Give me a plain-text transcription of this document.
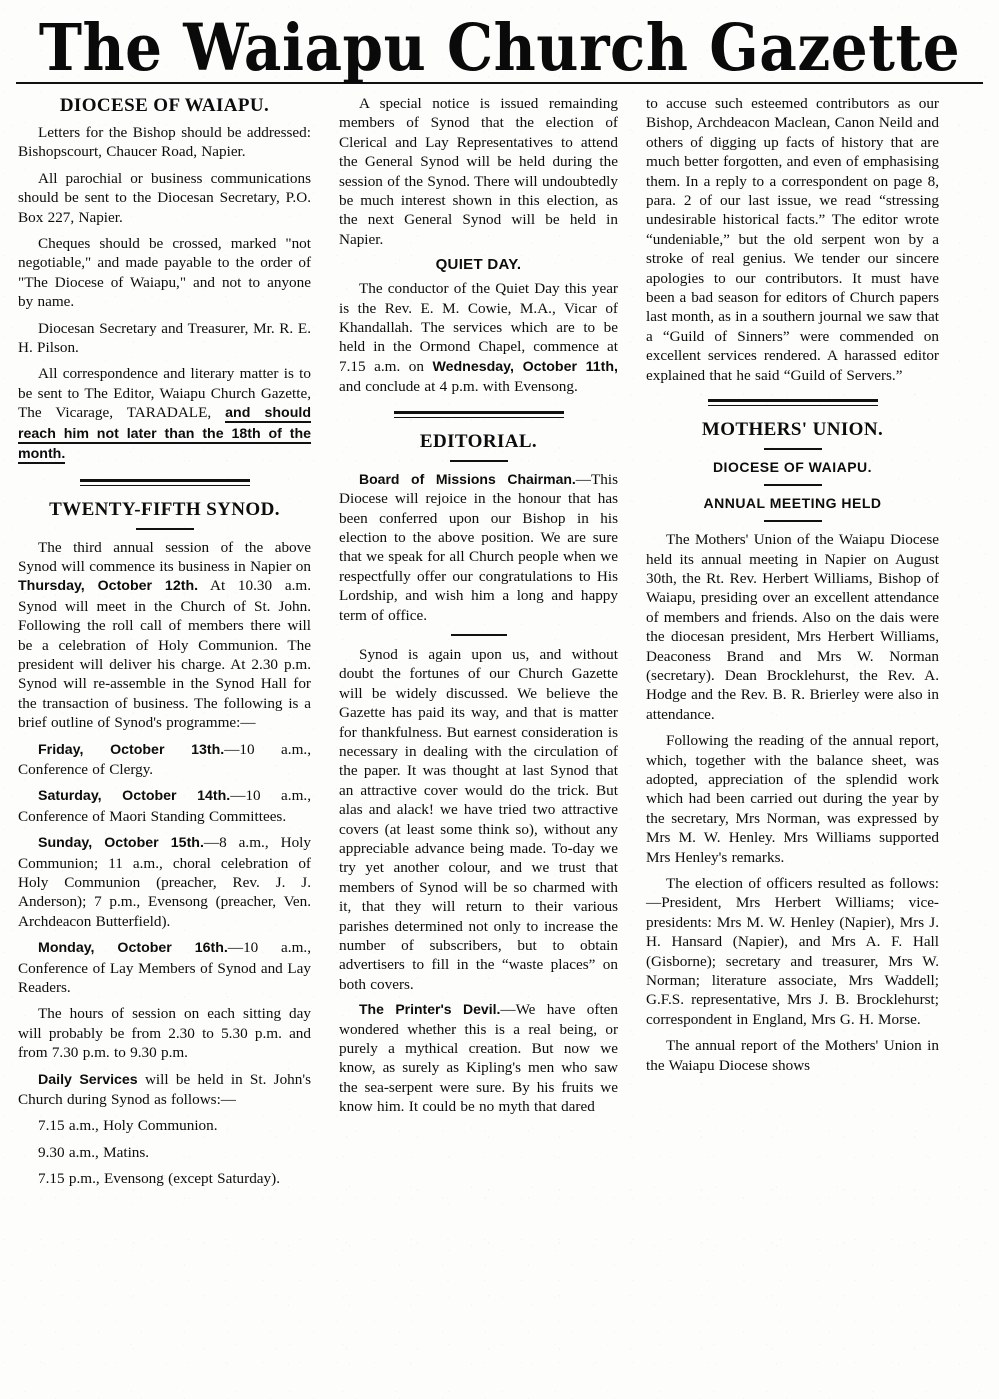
The Waiapu Church Gazette
DIOCESE OF WAIAPU.

Letters for the Bishop should be addressed: Bishopscourt, Chaucer Road, Napier.

All parochial or business communications should be sent to the Diocesan Secretary, P.O. Box 227, Napier.

Cheques should be crossed, marked "not negotiable," and made payable to the order of "The Diocese of Waiapu," and not to anyone by name.

Diocesan Secretary and Treasurer, Mr. R. E. H. Pilson.

All correspondence and literary matter is to be sent to The Editor, Waiapu Church Gazette, The Vicarage, TARADALE, and should reach him not later than the 18th of the month.

TWENTY-FIFTH SYNOD.

The third annual session of the above Synod will commence its business in Napier on Thursday, October 12th. At 10.30 a.m. Synod will meet in the Church of St. John. Following the roll call of members there will be a celebration of Holy Communion. The president will deliver his charge. At 2.30 p.m. Synod will re-assemble in the Synod Hall for the transaction of business. The following is a brief outline of Synod's programme:—

Friday, October 13th.—10 a.m., Conference of Clergy.

Saturday, October 14th.—10 a.m., Conference of Maori Standing Committees.

Sunday, October 15th.—8 a.m., Holy Communion; 11 a.m., choral celebration of Holy Communion (preacher, Rev. J. J. Anderson); 7 p.m., Evensong (preacher, Ven. Archdeacon Butterfield).

Monday, October 16th.—10 a.m., Conference of Lay Members of Synod and Lay Readers.

The hours of session on each sitting day will probably be from 2.30 to 5.30 p.m. and from 7.30 p.m. to 9.30 p.m.

Daily Services will be held in St. John's Church during Synod as follows:—

7.15 a.m., Holy Communion.

9.30 a.m., Matins.

7.15 p.m., Evensong (except Saturday).

A special notice is issued remainding members of Synod that the election of Clerical and Lay Representatives to attend the General Synod will be held during the session of the Synod. There will undoubtedly be much interest shown in this election, as the next General Synod will be held in Napier.

QUIET DAY.

The conductor of the Quiet Day this year is the Rev. E. M. Cowie, M.A., Vicar of Khandallah. The services which are to be held in the Ormond Chapel, commence at 7.15 a.m. on Wednesday, October 11th, and conclude at 4 p.m. with Evensong.

EDITORIAL.

Board of Missions Chairman.—This Diocese will rejoice in the honour that has been conferred upon our Bishop in his election to the above position. We are sure that we speak for all Church people when we respectfully offer our congratulations to His Lordship, and wish him a long and happy term of office.

Synod is again upon us, and without doubt the fortunes of our Church Gazette will be widely discussed. We believe the Gazette has paid its way, and that is matter for thankfulness. But earnest consideration is necessary in dealing with the circulation of the paper. It was thought at last Synod that an attractive cover would do the trick. But alas and alack! we have tried two attractive covers (at least some think so), without any appreciable advance being made. To-day we try yet another colour, and we trust that members of Synod will be so charmed with it, that they will return to their various parishes determined not only to increase the number of subscribers, but to obtain advertisers to fill in the “waste places” on both covers.

The Printer's Devil.—We have often wondered whether this is a real being, or purely a mythical creation. But now we know, as surely as Kipling's men who saw the sea-serpent were sure. By his fruits we know him. It could be no myth that dared

to accuse such esteemed contributors as our Bishop, Archdeacon Maclean, Canon Neild and others of digging up facts of history that are much better forgotten, and even of emphasising them. In a reply to a correspondent on page 8, para. 2 of our last issue, we read “stressing undesirable historical facts.” The editor wrote “undeniable,” but the old serpent won by a stroke of real genius. We tender our sincere apologies to our contributors. It must have been a bad season for editors of Church papers last month, as in a southern journal we saw that a “Guild of Sinners” were commended on excellent services rendered. A harassed editor explained that he said “Guild of Servers.”

MOTHERS' UNION.
DIOCESE OF WAIAPU.
ANNUAL MEETING HELD

The Mothers' Union of the Waiapu Diocese held its annual meeting in Napier on August 30th, the Rt. Rev. Herbert Williams, Bishop of Waiapu, presiding over an excellent attendance of members and friends. Also on the dais were the diocesan president, Mrs Herbert Williams, Deaconess Brand and Mrs W. Norman (secretary). Dean Brocklehurst, the Rev. A. Hodge and the Rev. B. R. Brierley were also in attendance.

Following the reading of the annual report, which, together with the balance sheet, was adopted, appreciation of the splendid work which had been carried out during the year by the secretary, Mrs Norman, was expressed by Mrs M. W. Henley. Mrs Williams supported Mrs Henley's remarks.

The election of officers resulted as follows:—President, Mrs Herbert Williams; vice-presidents: Mrs M. W. Henley (Napier), Mrs J. H. Hansard (Napier), and Mrs A. F. Hall (Gisborne); secretary and treasurer, Mrs W. Norman; literature associate, Mrs Waddell; G.F.S. representative, Mrs J. B. Brocklehurst; correspondent in England, Mrs G. H. Morse.

The annual report of the Mothers' Union in the Waiapu Diocese shows
